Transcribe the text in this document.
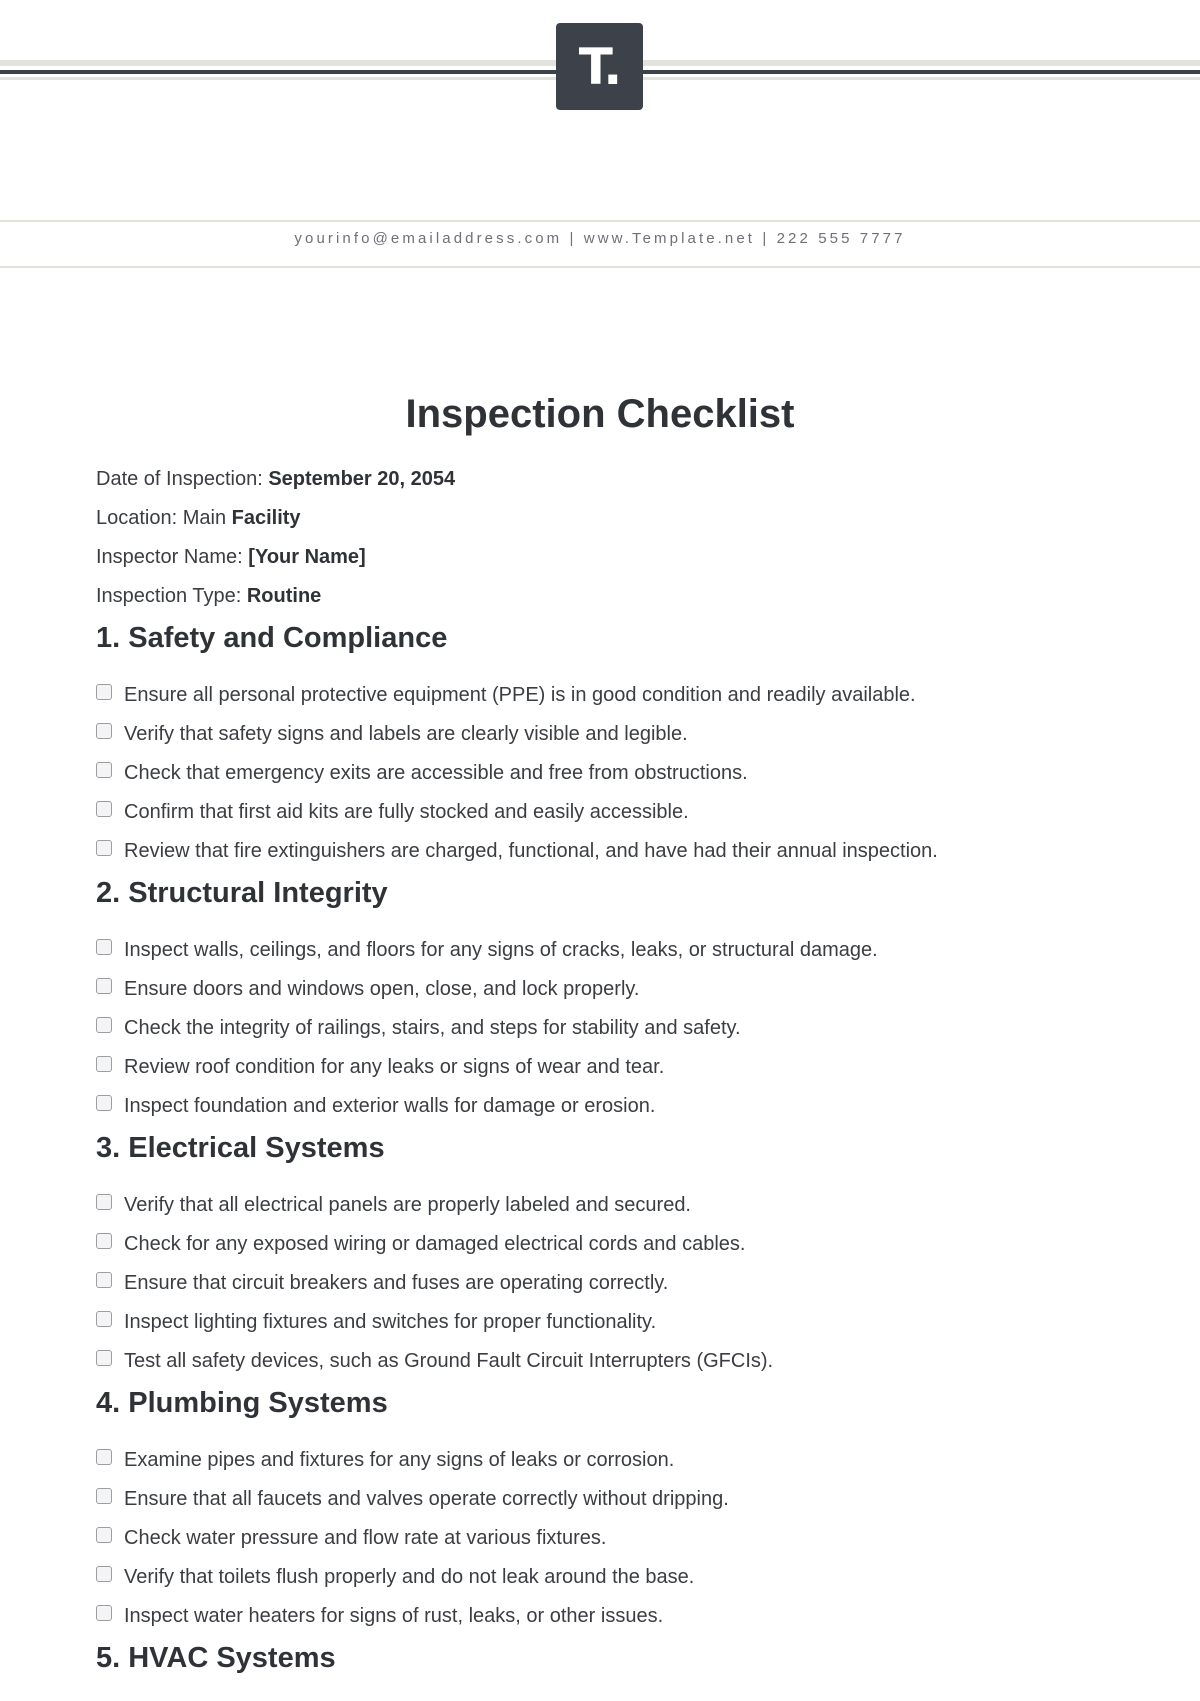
T.
yourinfo@emailaddress.com | www.Template.net | 222 555 7777
Inspection Checklist
Date of Inspection: September 20, 2054
Location: Main Facility
Inspector Name: [Your Name]
Inspection Type: Routine
1. Safety and Compliance
Ensure all personal protective equipment (PPE) is in good condition and readily available.
Verify that safety signs and labels are clearly visible and legible.
Check that emergency exits are accessible and free from obstructions.
Confirm that first aid kits are fully stocked and easily accessible.
Review that fire extinguishers are charged, functional, and have had their annual inspection.
2. Structural Integrity
Inspect walls, ceilings, and floors for any signs of cracks, leaks, or structural damage.
Ensure doors and windows open, close, and lock properly.
Check the integrity of railings, stairs, and steps for stability and safety.
Review roof condition for any leaks or signs of wear and tear.
Inspect foundation and exterior walls for damage or erosion.
3. Electrical Systems
Verify that all electrical panels are properly labeled and secured.
Check for any exposed wiring or damaged electrical cords and cables.
Ensure that circuit breakers and fuses are operating correctly.
Inspect lighting fixtures and switches for proper functionality.
Test all safety devices, such as Ground Fault Circuit Interrupters (GFCIs).
4. Plumbing Systems
Examine pipes and fixtures for any signs of leaks or corrosion.
Ensure that all faucets and valves operate correctly without dripping.
Check water pressure and flow rate at various fixtures.
Verify that toilets flush properly and do not leak around the base.
Inspect water heaters for signs of rust, leaks, or other issues.
5. HVAC Systems
